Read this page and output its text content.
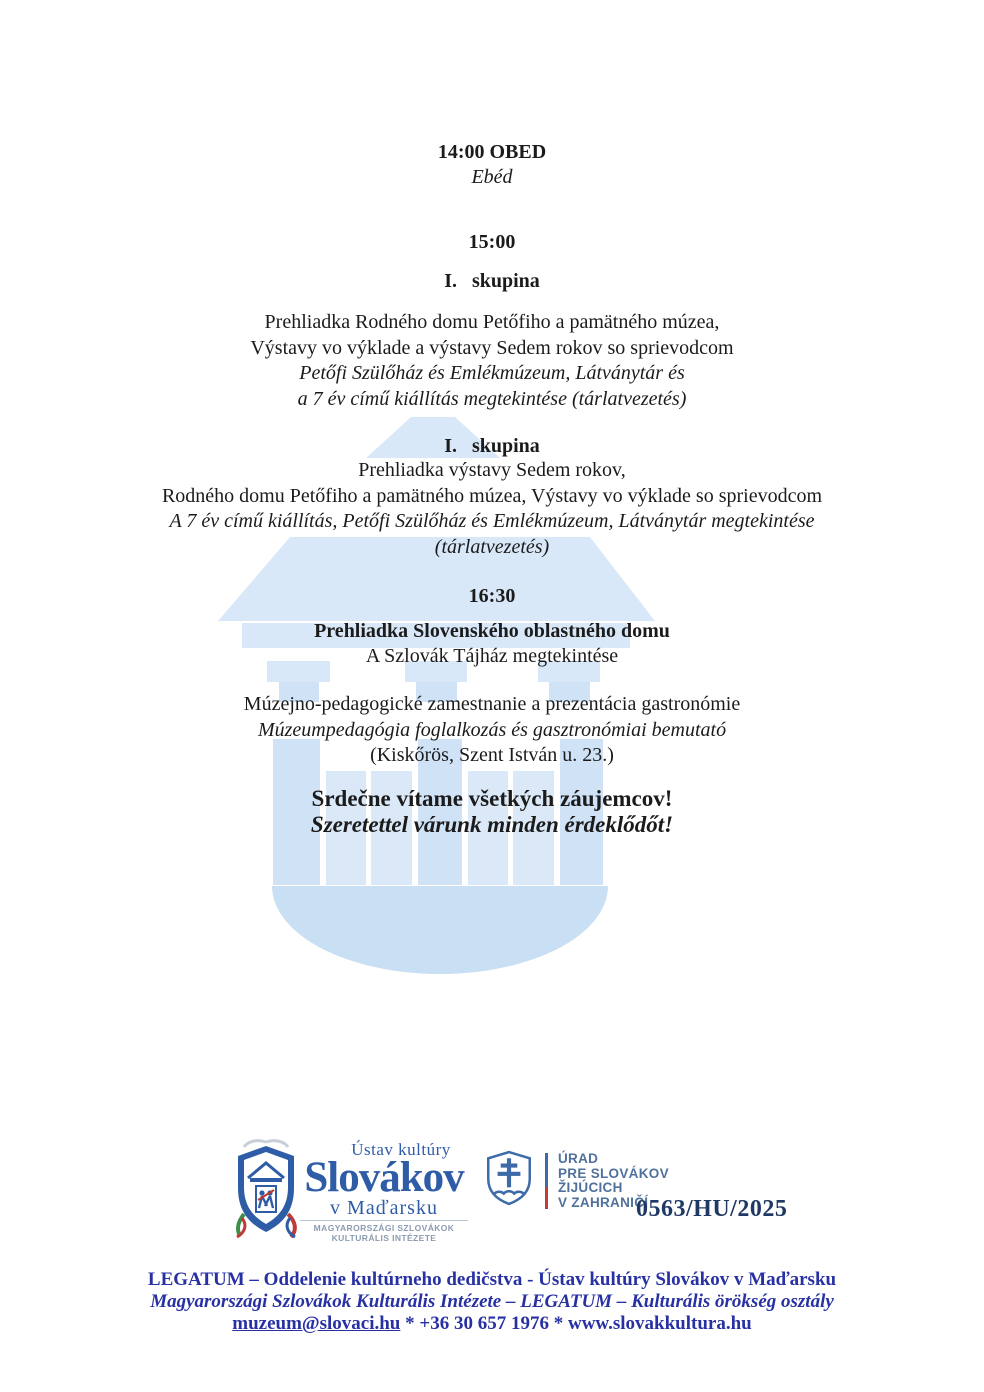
14:00 OBED
Ebéd
15:00
I.   skupina
Prehliadka Rodného domu Petőfiho a pamätného múzea,
Výstavy vo výklade a výstavy Sedem rokov so sprievodcom
Petőfi Szülőház és Emlékmúzeum, Látványtár és
a 7 év című kiállítás megtekintése (tárlatvezetés)
I.   skupina
Prehliadka výstavy Sedem rokov,
Rodného domu Petőfiho a pamätného múzea, Výstavy vo výklade so sprievodcom
A 7 év című kiállítás, Petőfi Szülőház és Emlékmúzeum, Látványtár megtekintése
(tárlatvezetés)
16:30
Prehliadka Slovenského oblastného domu
A Szlovák Tájház megtekintése
Múzejno-pedagogické zamestnanie a prezentácia gastronómie
Múzeumpedagógia foglalkozás és gasztronómiai bemutató
(Kiskőrös, Szent István u. 23.)
Srdečne vítame všetkých záujemcov!
Szeretettel várunk minden érdeklődőt!
Ústav kultúry
Slovákov
v Maďarsku
MAGYARORSZÁGI SZLOVÁKOK KULTURÁLIS INTÉZETE
ÚRAD
PRE SLOVÁKOV
ŽIJÚCICH
V ZAHRANIČÍ
0563/HU/2025
LEGATUM – Oddelenie kultúrneho dedičstva - Ústav kultúry Slovákov v Maďarsku
Magyarországi Szlovákok Kulturális Intézete – LEGATUM – Kulturális örökség osztály
muzeum@slovaci.hu * +36 30 657 1976 * www.slovakkultura.hu
